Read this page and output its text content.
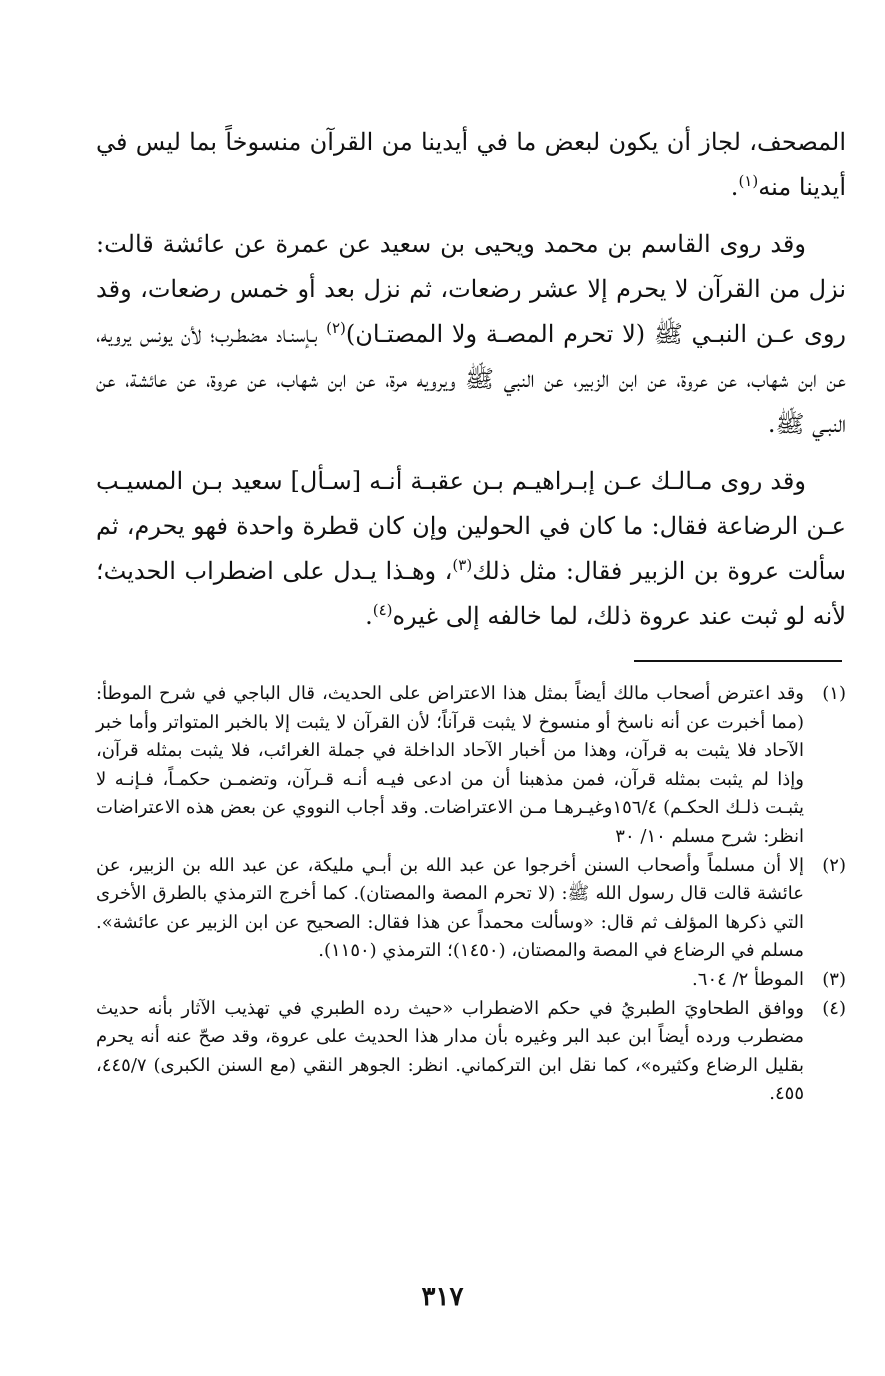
المصحف، لجاز أن يكون لبعض ما في أيدينا من القرآن منسوخاً بما ليس في أيدينا منه$^{(١)}$.

وقد روى القاسم بن محمد ويحيى بن سعيد عن عمرة عن عائشة قالت: نزل من القرآن لا يحرم إلا عشر رضعات، ثم نزل بعد أو خمس رضعات، وقد روى عـن النبـي ﷺ (لا تحرم المصـة ولا المصتـان)$^{(٢)}$ بـإسنـاد مضطـرب؛ لأن يونس يرويه، عن ابن شهاب، عن عروة، عن ابن الزبير، عن النبي ﷺ ويرويه مرة، عن ابن شهاب، عن عروة، عن عائشة، عن النبـي ﷺ.

وقد روى مـالـك عـن إبـراهيـم بـن عقبـة أنـه [سـأل] سعيد بـن المسيـب عـن الرضاعة فقال: ما كان في الحولين وإن كان قطرة واحدة فهو يحرم، ثم سألت عروة بن الزبير فقال: مثل ذلك$^{(٣)}$، وهـذا يـدل على اضطراب الحديث؛ لأنه لو ثبت عند عروة ذلك، لما خالفه إلى غيره$^{(٤)}$.

(١)
وقد اعترض أصحاب مالك أيضاً بمثل هذا الاعتراض على الحديث، قال الباجي في شرح الموطأ: (مما أخبرت عن أنه ناسخ أو منسوخ لا يثبت قرآناً؛ لأن القرآن لا يثبت إلا بالخبر المتواتر وأما خبر الآحاد فلا يثبت به قرآن، وهذا من أخبار الآحاد الداخلة في جملة الغرائب، فلا يثبت بمثله قرآن، وإذا لم يثبت بمثله قرآن، فمن مذهبنا أن من ادعى فيـه أنـه قـرآن، وتضمـن حكمـاً، فـإنـه لا يثبـت ذلـك الحكـم) ١٥٦/٤وغيـرهـا مـن الاعتراضات. وقد أجاب النووي عن بعض هذه الاعتراضات انظر: شرح مسلم ١٠/ ٣٠
(٢)
إلا أن مسلماً وأصحاب السنن أخرجوا عن عبد الله بن أبـي مليكة، عن عبد الله بن الزبير، عن عائشة قالت قال رسول الله ﷺ: (لا تحرم المصة والمصتان). كما أخرج الترمذي بالطرق الأخرى التي ذكرها المؤلف ثم قال: «وسألت محمداً عن هذا فقال: الصحيح عن ابن الزبير عن عائشة». مسلم في الرضاع في المصة والمصتان، (١٤٥٠)؛ الترمذي (١١٥٠).
(٣)
الموطأ ٢/ ٦٠٤.
(٤)
ووافق الطحاويَ الطبريُ في حكم الاضطراب «حيث رده الطبري في تهذيب الآثار بأنه حديث مضطرب ورده أيضاً ابن عبد البر وغيره بأن مدار هذا الحديث على عروة، وقد صحّ عنه أنه يحرم بقليل الرضاع وكثيره»، كما نقل ابن التركماني. انظر: الجوهر النقي (مع السنن الكبرى) ٤٤٥/٧، ٤٥٥.
٣١٧
